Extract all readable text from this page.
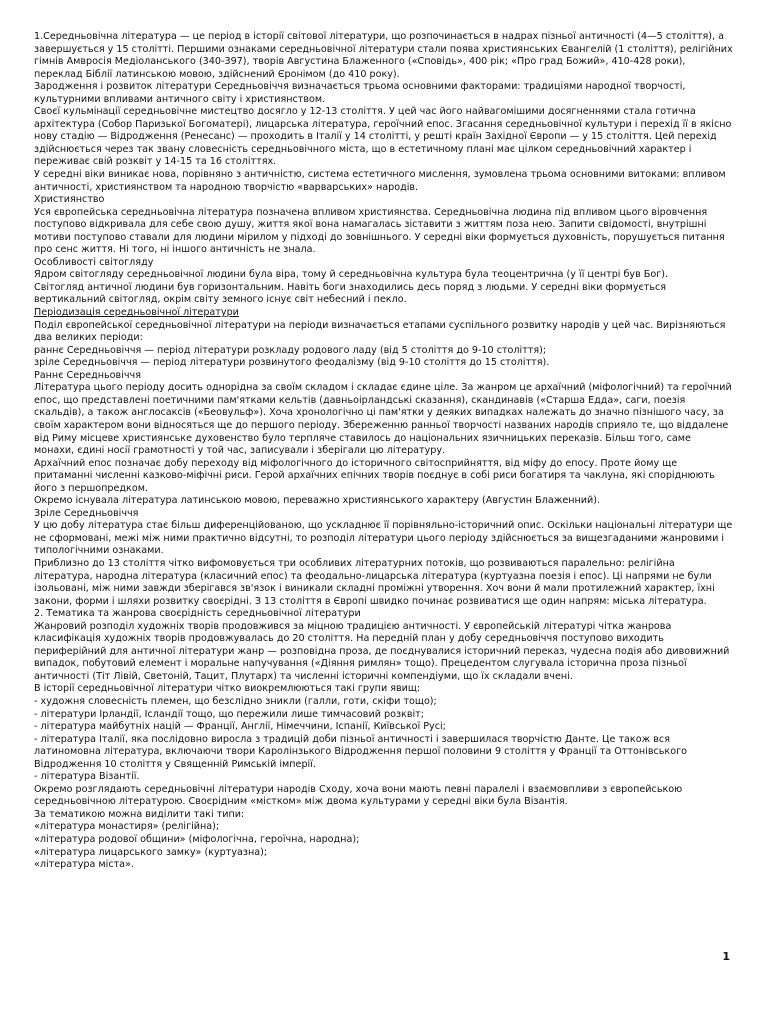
1.Середньовічна література — це період в історії світової літератури, що розпочинається в надрах пізньої античності (4—5 століття), а завершується у 15 столітті. Першими ознаками середньовічної літератури стали поява християнських Євангелій (1 століття), релігійних гімнів Амвросія Медіоланського (340-397), творів Августина Блаженного («Сповідь», 400 рік; «Про град Божий», 410-428 роки), переклад Біблії латинською мовою, здійснений Єронімом (до 410 року).

Зародження і розвиток літератури Середньовіччя визначається трьома основними факторами: традиціями народної творчості, культурними впливами античного світу і християнством.

Своєї кульмінації середньовічне мистецтво досягло у 12-13 століття. У цей час його найвагомішими досягненнями стала готична архітектура (Собор Паризької Богоматері), лицарська література, героїчний епос. Згасання середньовічної культури і перехід її в якісно нову стадію — Відродження (Ренесанс) — проходить в Італії у 14 столітті, у решті країн Західної Європи — у 15 століття. Цей перехід здійснюється через так звану словесність середньовічного міста, що в естетичному плані має цілком середньовічний характер і переживає свій розквіт у 14-15 та 16 століттях.

У середні віки виникає нова, порівняно з античністю, система естетичного мислення, зумовлена трьома основними витоками: впливом античності, християнством та народною творчістю «варварських» народів.

Християнство

Уся європейська середньовічна література позначена впливом християнства. Середньовічна людина під впливом цього віровчення поступово відкривала для себе свою душу, життя якої вона намагалась зіставити з життям поза нею. Запити свідомості, внутрішні мотиви поступово ставали для людини мірилом у підході до зовнішнього. У середні віки формується духовність, порушується питання про сенс життя. Ні того, ні іншого античність не знала.

Особливості світогляду

Ядром світогляду середньовічної людини була віра, тому й середньовічна культура була теоцентрична (у її центрі був Бог).

Світогляд античної людини був горизонтальним. Навіть боги знаходились десь поряд з людьми. У середні віки формується вертикальний світогляд, окрім світу земного існує світ небесний і пекло.

Періодизація середньовічної літератури

Поділ європейської середньовічної літератури на періоди визначається етапами суспільного розвитку народів у цей час. Вирізняються два великих періоди:
раннє Середньовіччя — період літератури розкладу родового ладу (від 5 століття до 9-10 століття);
зріле Середньовіччя — період літератури розвинутого феодалізму (від 9-10 століття до 15 століття).

Раннє Середньовіччя

Література цього періоду досить однорідна за своїм складом і складає єдине ціле. За жанром це архаїчний (міфологічний) та героїчний епос, що представлені поетичними пам'ятками кельтів (давньоірландські сказання), скандинавів («Старша Едда», саги, поезія скальдів), а також англосаксів («Беовульф»). Хоча хронологічно ці пам'ятки у деяких випадках належать до значно пізнішого часу, за своїм характером вони відносяться ще до першого періоду. Збереженню ранньої творчості названих народів сприяло те, що віддалене від Риму місцеве християнське духовенство було терпляче ставилось до національних язичницьких переказів. Більш того, саме монахи, єдині носії грамотності у той час, записували і зберігали цю літературу.

Архаїчний епос позначає добу переходу від міфологічного до історичного світосприйняття, від міфу до епосу. Проте йому ще притаманні численні казково-міфічні риси. Герой архаїчних епічних творів поєднує в собі риси богатиря та чаклуна, які споріднюють його з першопредком.

Окремо існувала література латинською мовою, переважно християнського характеру (Августин Блаженний).

Зріле Середньовіччя

У цю добу література стає більш диференційованою, що ускладнює її порівняльно-історичний опис. Оскільки національні літератури ще не сформовані, межі між ними практично відсутні, то розподіл літератури цього періоду здійснюється за вищезгаданими жанровими і типологічними ознаками.

Приблизно до 13 століття чітко вифомовується три особливих літературних потоків, що розвиваються паралельно: релігійна література, народна література (класичний епос) та феодально-лицарська література (куртуазна поезія і епос). Ці напрями не були ізольовані, між ними завжди зберігався зв'язок і виникали складні проміжні утворення. Хоч вони й мали протилежний характер, їхні закони, форми і шляхи розвитку своєрідні. З 13 століття в Європі швидко починає розвиватися ще один напрям: міська література.

2. Тематика та жанрова своєрідність середньовічної літератури

Жанровий розподіл художніх творів продовжився за міцною традицією античності. У європейській літературі чітка жанрова класифікація художніх творів продовжувалась до 20 століття. На передній план у добу середньовіччя поступово виходить периферійний для античної літератури жанр — розповідна проза, де поєднувалися історичний переказ, чудесна подія або дивовижний випадок, побутовий елемент і моральне напучування («Діяння римлян» тощо). Прецедентом слугувала історична проза пізньої античності (Тіт Лівій, Светоній, Тацит, Плутарх) та численні історичні компендіуми, що їх складали вчені.

В історії середньовічної літератури чітко виокремлюються такі групи явищ:
- художня словесність племен, що безслідно зникли (галли, готи, скіфи тощо);
- літератури Ірландії, Ісландії тощо, що пережили лише тимчасовий розквіт;
- література майбутніх націй — Франції, Англії, Німеччини, Іспанії, Київської Русі;
- література Італії, яка послідовно виросла з традицій доби пізньої античності і завершилася творчістю Данте. Це також вся латиномовна література, включаючи твори Каролінзького Відродження першої половини 9 століття у Франції та Оттонівського Відродження 10 століття у Священній Римській імперії.
- література Візантії.

Окремо розглядають середньовічні літератури народів Сходу, хоча вони мають певні паралелі і взаємовпливи з європейською середньовічною літературою. Своєрідним «містком» між двома культурами у середні віки була Візантія.

За тематикою можна виділити такі типи:
«література монастиря» (релігійна);
«література родової общини» (міфологічна, героїчна, народна);
«література лицарського замку» (куртуазна);
«література міста».

1
